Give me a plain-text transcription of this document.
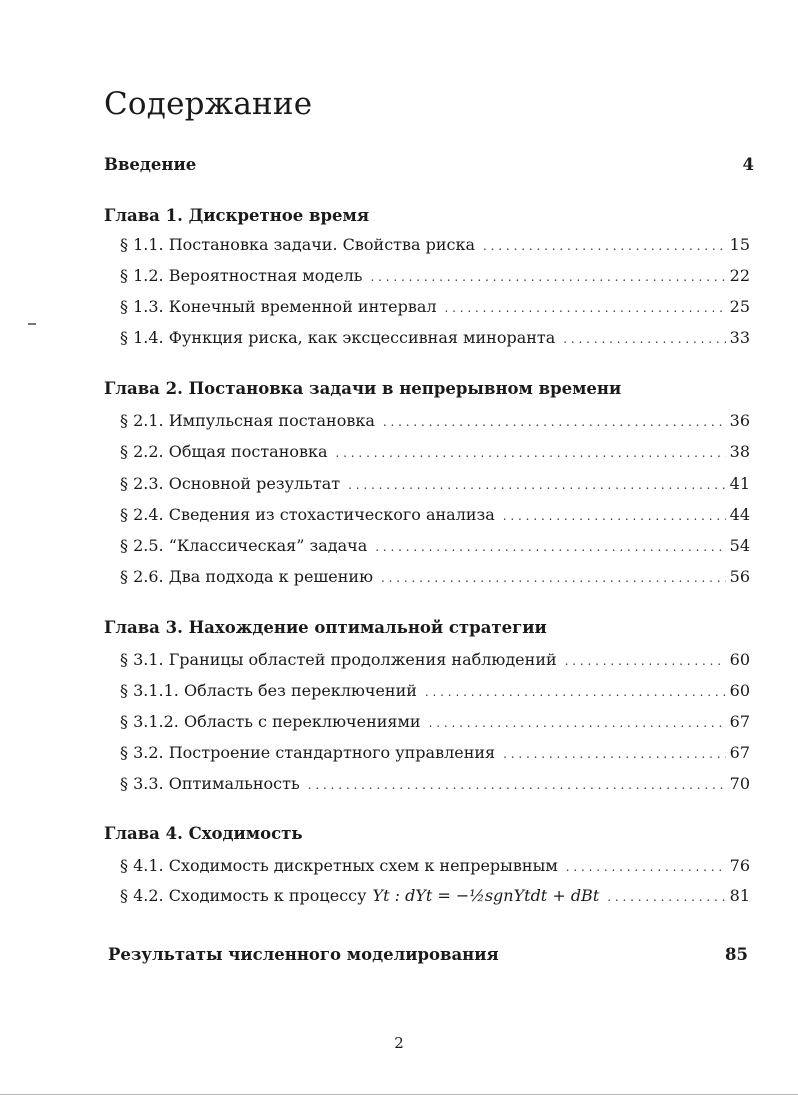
Содержание
Введение	4
Глава 1. Дискретное время
§ 1.1. Постановка задачи. Свойства риска . . .	15
§ 1.2. Вероятностная модель . . .	22
§ 1.3. Конечный временной интервал . . .	25
§ 1.4. Функция риска, как эксцессивная миноранта . . .	33
Глава 2. Постановка задачи в непрерывном времени
§ 2.1. Импульсная постановка . . .	36
§ 2.2. Общая постановка . . .	38
§ 2.3. Основной результат . . .	41
§ 2.4. Сведения из стохастического анализа . . .	44
§ 2.5. “Классическая” задача . . .	54
§ 2.6. Два подхода к решению . . .	56
Глава 3. Нахождение оптимальной стратегии
§ 3.1. Границы областей продолжения наблюдений . . .	60
§ 3.1.1. Область без переключений . . .	60
§ 3.1.2. Область с переключениями . . .	67
§ 3.2. Построение стандартного управления . . .	67
§ 3.3. Оптимальность . . .	70
Глава 4. Сходимость
§ 4.1. Сходимость дискретных схем к непрерывным . . .	76
§ 4.2. Сходимость к процессу Yt : dYt = −½sgnYtdt + dBt . . .	81
Результаты численного моделирования	85
2
